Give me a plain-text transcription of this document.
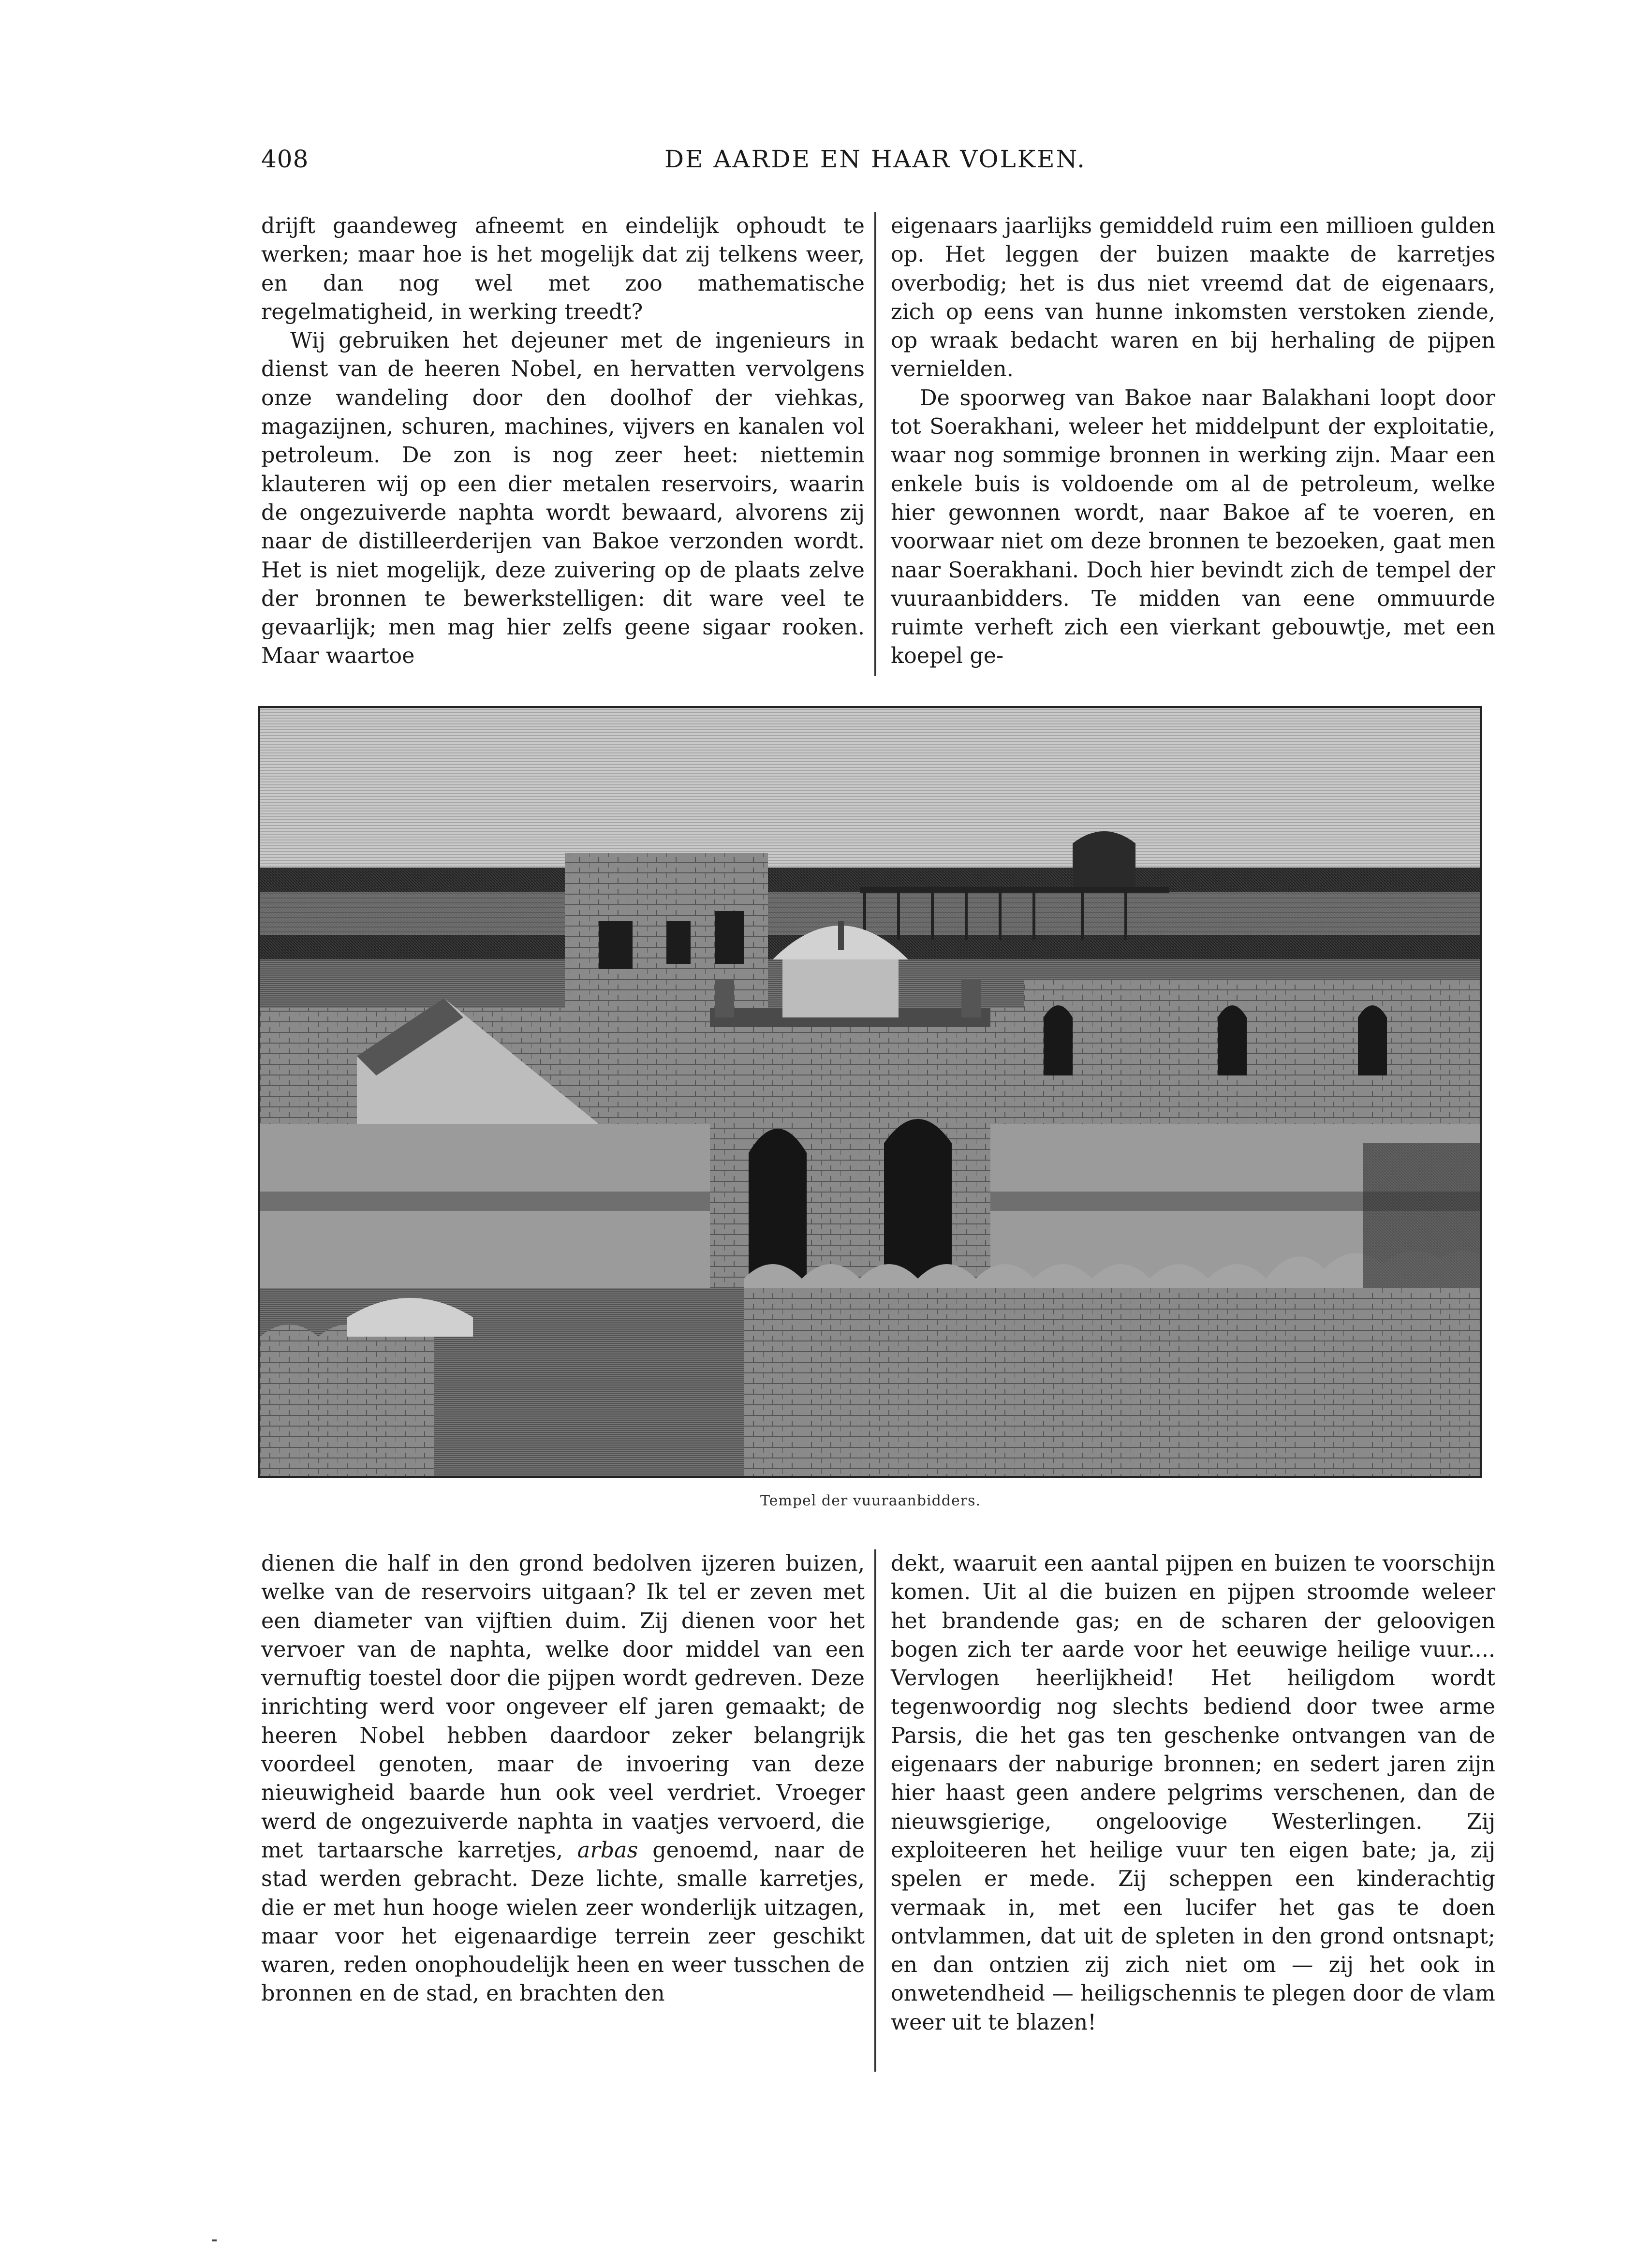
408	DE AARDE EN HAAR VOLKEN.

drijft gaandeweg afneemt en eindelijk ophoudt te werken; maar hoe is het mogelijk dat zij telkens weer, en dan nog wel met zoo mathematische regelmatigheid, in werking treedt?

Wij gebruiken het dejeuner met de ingenieurs in dienst van de heeren Nobel, en hervatten vervolgens onze wandeling door den doolhof der viehkas, magazijnen, schuren, machines, vijvers en kanalen vol petroleum. De zon is nog zeer heet: niettemin klauteren wij op een dier metalen reservoirs, waarin de ongezuiverde naphta wordt bewaard, alvorens zij naar de distilleerderijen van Bakoe verzonden wordt. Het is niet mogelijk, deze zuivering op de plaats zelve der bronnen te bewerkstelligen: dit ware veel te gevaarlijk; men mag hier zelfs geene sigaar rooken. Maar waartoe

eigenaars jaarlijks gemiddeld ruim een millioen gulden op. Het leggen der buizen maakte de karretjes overbodig; het is dus niet vreemd dat de eigenaars, zich op eens van hunne inkomsten verstoken ziende, op wraak bedacht waren en bij herhaling de pijpen vernielden.

De spoorweg van Bakoe naar Balakhani loopt door tot Soerakhani, weleer het middelpunt der exploitatie, waar nog sommige bronnen in werking zijn. Maar een enkele buis is voldoende om al de petroleum, welke hier gewonnen wordt, naar Bakoe af te voeren, en voorwaar niet om deze bronnen te bezoeken, gaat men naar Soerakhani. Doch hier bevindt zich de tempel der vuuraanbidders. Te midden van eene ommuurde ruimte verheft zich een vierkant gebouwtje, met een koepel ge-

Tempel der vuuraanbidders.

dienen die half in den grond bedolven ijzeren buizen, welke van de reservoirs uitgaan? Ik tel er zeven met een diameter van vijftien duim. Zij dienen voor het vervoer van de naphta, welke door middel van een vernuftig toestel door die pijpen wordt gedreven. Deze inrichting werd voor ongeveer elf jaren gemaakt; de heeren Nobel hebben daardoor zeker belangrijk voordeel genoten, maar de invoering van deze nieuwigheid baarde hun ook veel verdriet. Vroeger werd de ongezuiverde naphta in vaatjes vervoerd, die met tartaarsche karretjes, arbas genoemd, naar de stad werden gebracht. Deze lichte, smalle karretjes, die er met hun hooge wielen zeer wonderlijk uitzagen, maar voor het eigenaardige terrein zeer geschikt waren, reden onophoudelijk heen en weer tusschen de bronnen en de stad, en brachten den

dekt, waaruit een aantal pijpen en buizen te voorschijn komen. Uit al die buizen en pijpen stroomde weleer het brandende gas; en de scharen der geloovigen bogen zich ter aarde voor het eeuwige heilige vuur.... Vervlogen heerlijkheid! Het heiligdom wordt tegenwoordig nog slechts bediend door twee arme Parsis, die het gas ten geschenke ontvangen van de eigenaars der naburige bronnen; en sedert jaren zijn hier haast geen andere pelgrims verschenen, dan de nieuwsgierige, ongeloovige Westerlingen. Zij exploiteeren het heilige vuur ten eigen bate; ja, zij spelen er mede. Zij scheppen een kinderachtig vermaak in, met een lucifer het gas te doen ontvlammen, dat uit de spleten in den grond ontsnapt; en dan ontzien zij zich niet om — zij het ook in onwetendheid — heiligschennis te plegen door de vlam weer uit te blazen!
